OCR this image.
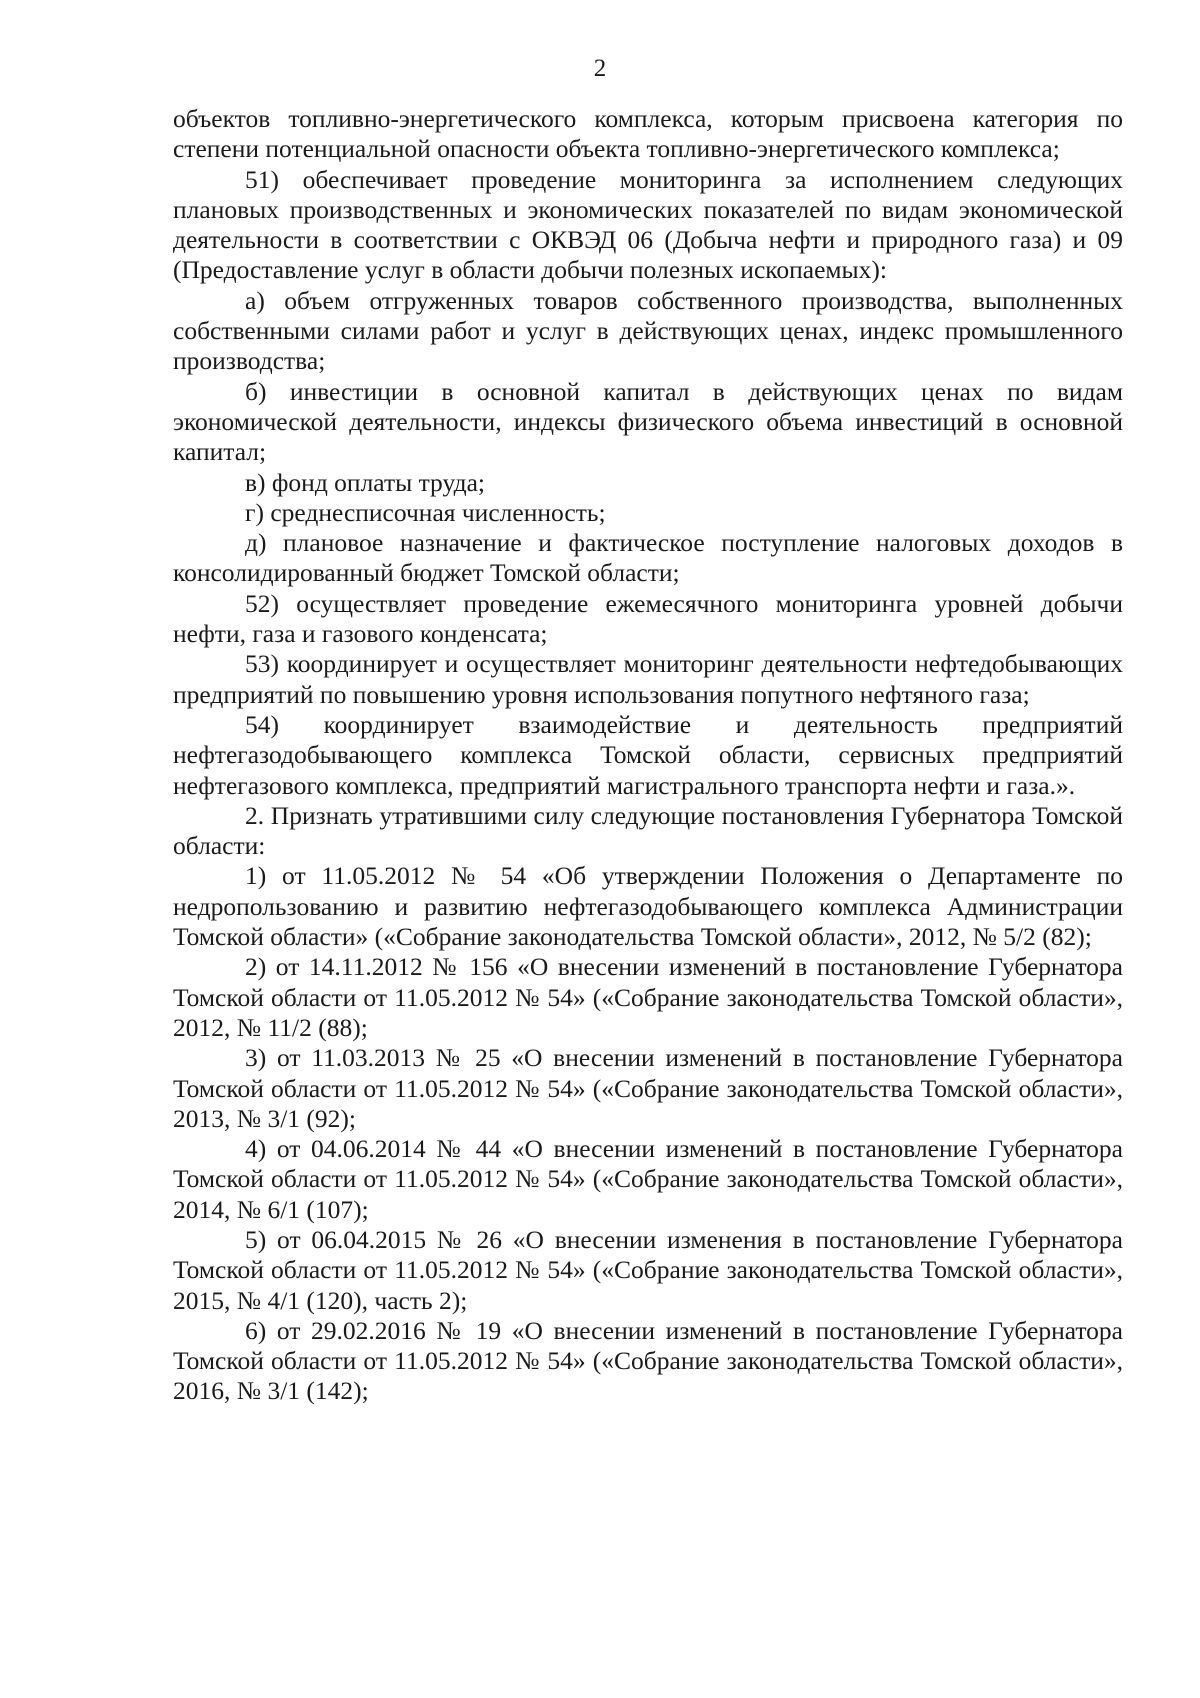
2

объектов топливно-энергетического комплекса, которым присвоена категория по степени потенциальной опасности объекта топливно-энергетического комплекса;

51) обеспечивает проведение мониторинга за исполнением следующих плановых производственных и экономических показателей по видам экономической деятельности в соответствии с ОКВЭД 06 (Добыча нефти и природного газа) и 09 (Предоставление услуг в области добычи полезных ископаемых):

а) объем отгруженных товаров собственного производства, выполненных собственными силами работ и услуг в действующих ценах, индекс промышленного производства;

б) инвестиции в основной капитал в действующих ценах по видам экономической деятельности, индексы физического объема инвестиций в основной капитал;

в) фонд оплаты труда;

г) среднесписочная численность;

д) плановое назначение и фактическое поступление налоговых доходов в консолидированный бюджет Томской области;

52) осуществляет проведение ежемесячного мониторинга уровней добычи нефти, газа и газового конденсата;

53) координирует и осуществляет мониторинг деятельности нефтедобывающих предприятий по повышению уровня использования попутного нефтяного газа;

54) координирует взаимодействие и деятельность предприятий нефтегазодобывающего комплекса Томской области, сервисных предприятий нефтегазового комплекса, предприятий магистрального транспорта нефти и газа.».

2. Признать утратившими силу следующие постановления Губернатора Томской области:

1) от 11.05.2012 № 54 «Об утверждении Положения о Департаменте по недропользованию и развитию нефтегазодобывающего комплекса Администрации Томской области» («Собрание законодательства Томской области», 2012, № 5/2 (82);

2) от 14.11.2012 № 156 «О внесении изменений в постановление Губернатора Томской области от 11.05.2012 № 54» («Собрание законодательства Томской области», 2012, № 11/2 (88);

3) от 11.03.2013 № 25 «О внесении изменений в постановление Губернатора Томской области от 11.05.2012 № 54» («Собрание законодательства Томской области», 2013, № 3/1 (92);

4) от 04.06.2014 № 44 «О внесении изменений в постановление Губернатора Томской области от 11.05.2012 № 54» («Собрание законодательства Томской области», 2014, № 6/1 (107);

5) от 06.04.2015 № 26 «О внесении изменения в постановление Губернатора Томской области от 11.05.2012 № 54» («Собрание законодательства Томской области», 2015, № 4/1 (120), часть 2);

6) от 29.02.2016 № 19 «О внесении изменений в постановление Губернатора Томской области от 11.05.2012 № 54» («Собрание законодательства Томской области», 2016, № 3/1 (142);
